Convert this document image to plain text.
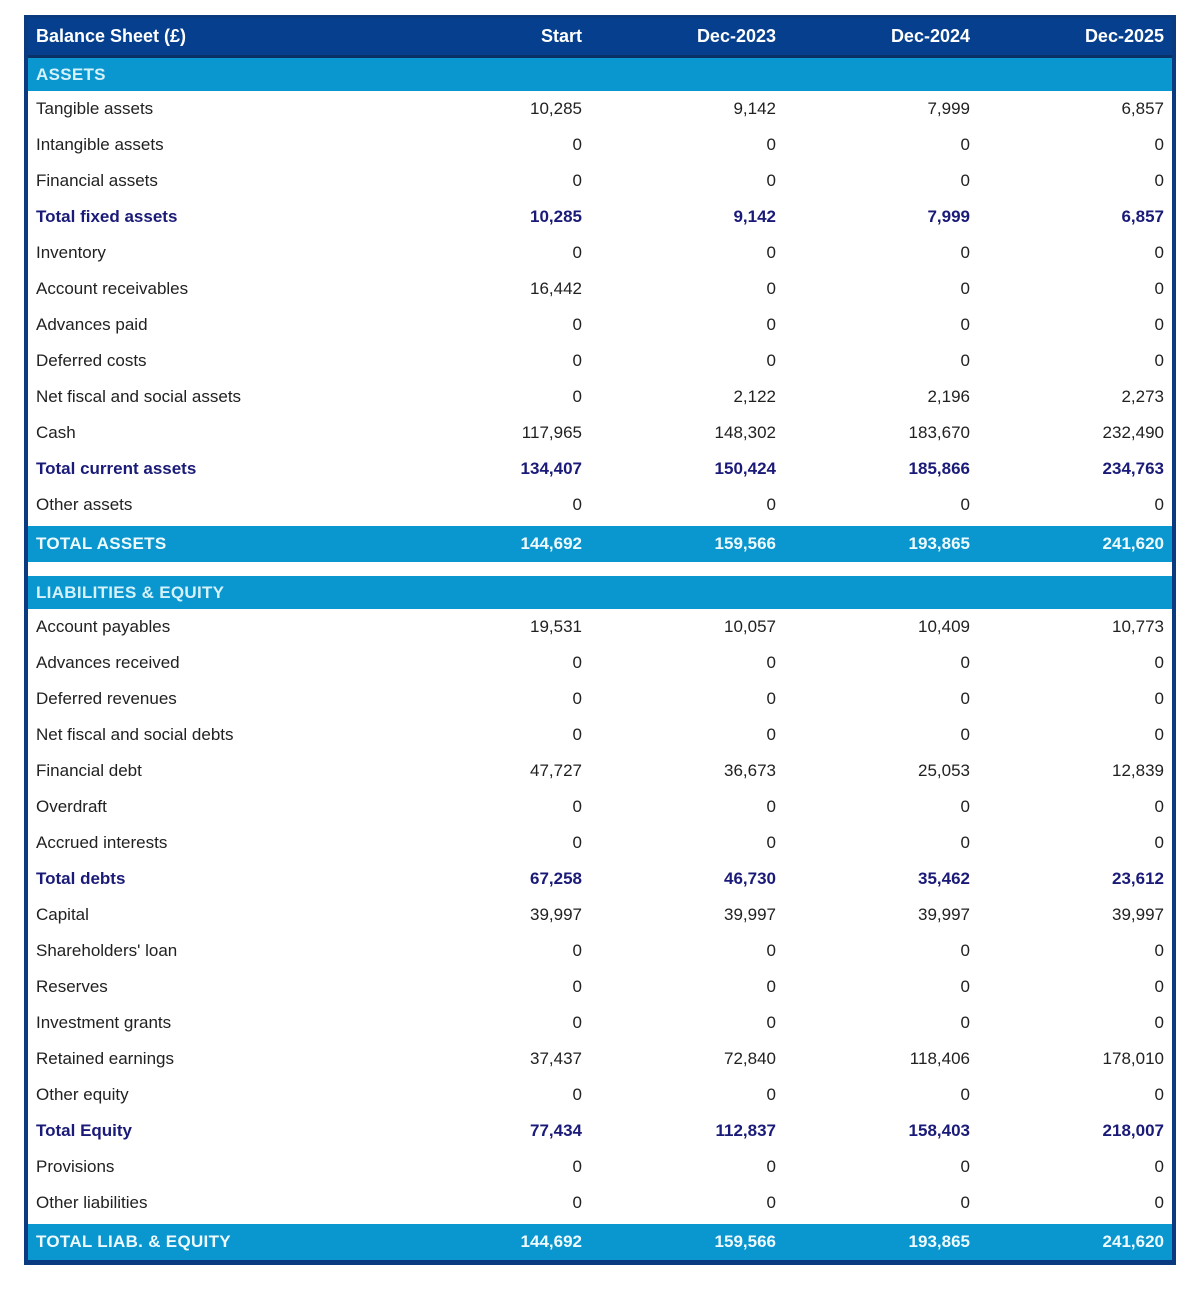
Balance Sheet (£)	Start	Dec-2023	Dec-2024	Dec-2025
ASSETS				
Tangible assets	10,285	9,142	7,999	6,857
Intangible assets	0	0	0	0
Financial assets	0	0	0	0
Total fixed assets	10,285	9,142	7,999	6,857
Inventory	0	0	0	0
Account receivables	16,442	0	0	0
Advances paid	0	0	0	0
Deferred costs	0	0	0	0
Net fiscal and social assets	0	2,122	2,196	2,273
Cash	117,965	148,302	183,670	232,490
Total current assets	134,407	150,424	185,866	234,763
Other assets	0	0	0	0
TOTAL ASSETS	144,692	159,566	193,865	241,620

LIABILITIES & EQUITY				
Account payables	19,531	10,057	10,409	10,773
Advances received	0	0	0	0
Deferred revenues	0	0	0	0
Net fiscal and social debts	0	0	0	0
Financial debt	47,727	36,673	25,053	12,839
Overdraft	0	0	0	0
Accrued interests	0	0	0	0
Total debts	67,258	46,730	35,462	23,612
Capital	39,997	39,997	39,997	39,997
Shareholders' loan	0	0	0	0
Reserves	0	0	0	0
Investment grants	0	0	0	0
Retained earnings	37,437	72,840	118,406	178,010
Other equity	0	0	0	0
Total Equity	77,434	112,837	158,403	218,007
Provisions	0	0	0	0
Other liabilities	0	0	0	0
TOTAL LIAB. & EQUITY	144,692	159,566	193,865	241,620
